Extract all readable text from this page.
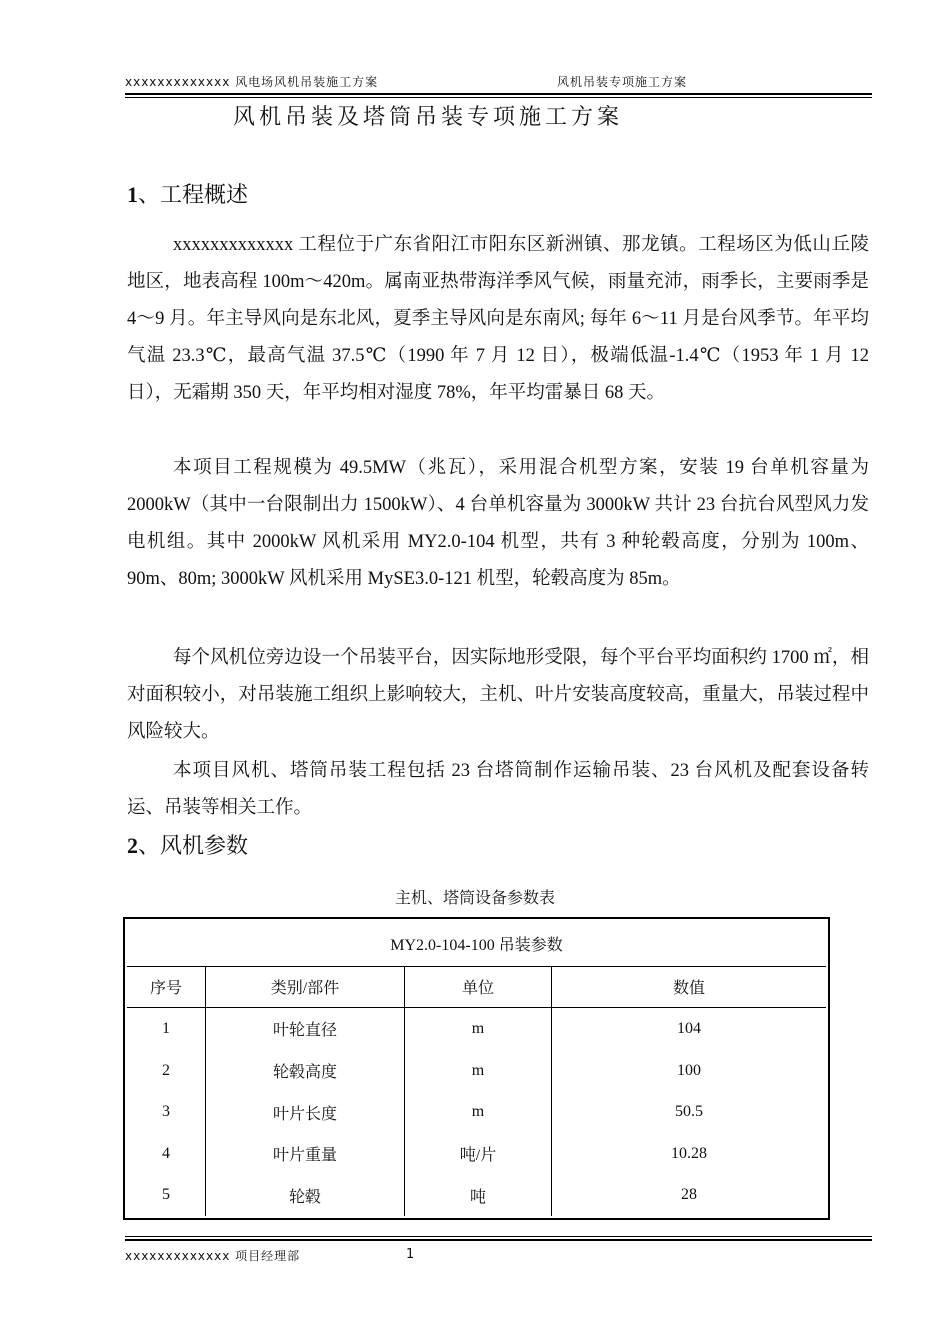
xxxxxxxxxxxxx 风电场风机吊装施工方案	风机吊装专项施工方案
风机吊装及塔筒吊装专项施工方案
1、工程概述
xxxxxxxxxxxxx 工程位于广东省阳江市阳东区新洲镇、那龙镇。工程场区为低山丘陵地区，地表高程 100m～420m。属南亚热带海洋季风气候，雨量充沛，雨季长，主要雨季是 4～9 月。年主导风向是东北风，夏季主导风向是东南风; 每年 6～11 月是台风季节。年平均气温 23.3℃，最高气温 37.5℃（1990 年 7 月 12 日），极端低温-1.4℃（1953 年 1 月 12 日），无霜期 350 天，年平均相对湿度 78%，年平均雷暴日 68 天。
本项目工程规模为 49.5MW（兆瓦），采用混合机型方案，安装 19 台单机容量为 2000kW（其中一台限制出力 1500kW）、4 台单机容量为 3000kW 共计 23 台抗台风型风力发电机组。其中 2000kW 风机采用 MY2.0-104 机型，共有 3 种轮毂高度，分别为 100m、90m、80m; 3000kW 风机采用 MySE3.0-121 机型，轮毂高度为 85m。
每个风机位旁边设一个吊装平台，因实际地形受限，每个平台平均面积约 1700 ㎡，相对面积较小，对吊装施工组织上影响较大，主机、叶片安装高度较高，重量大，吊装过程中风险较大。
本项目风机、塔筒吊装工程包括 23 台塔筒制作运输吊装、23 台风机及配套设备转运、吊装等相关工作。
2、风机参数
主机、塔筒设备参数表
MY2.0-104-100 吊装参数			
序号	类别/部件	单位	数值
1	叶轮直径	m	104
2	轮毂高度	m	100
3	叶片长度	m	50.5
4	叶片重量	吨/片	10.28
5	轮毂	吨	28
xxxxxxxxxxxxx 项目经理部	1
